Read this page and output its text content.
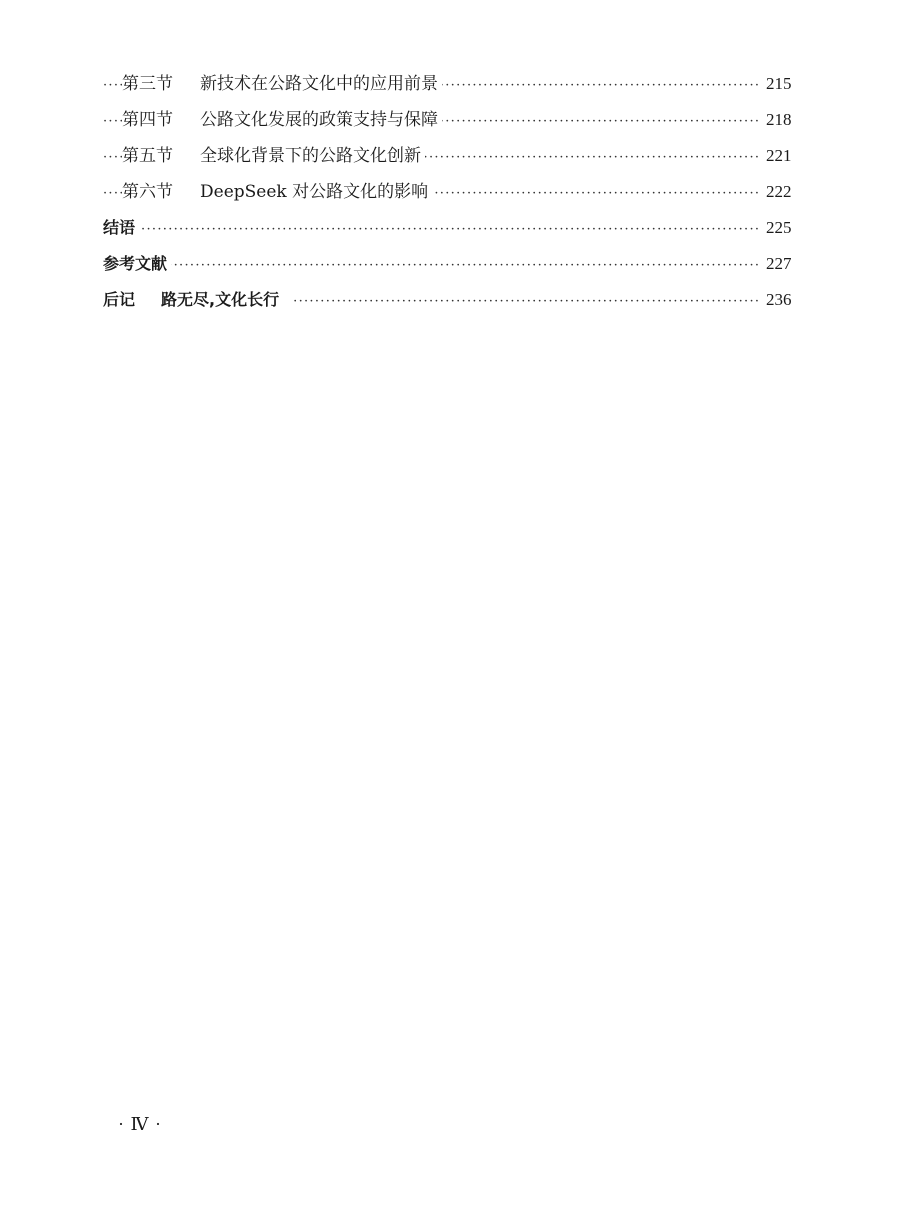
·····
第三节 新技术在公路文化中的应用前景	215
·····
第四节 公路文化发展的政策支持与保障	218
·····
第五节 全球化背景下的公路文化创新	221
·····
第六节 DeepSeek 对公路文化的影响	222
·····
结语	225
·····
参考文献	227
·····
后记 路无尽,文化长行	236
· Ⅳ ·
